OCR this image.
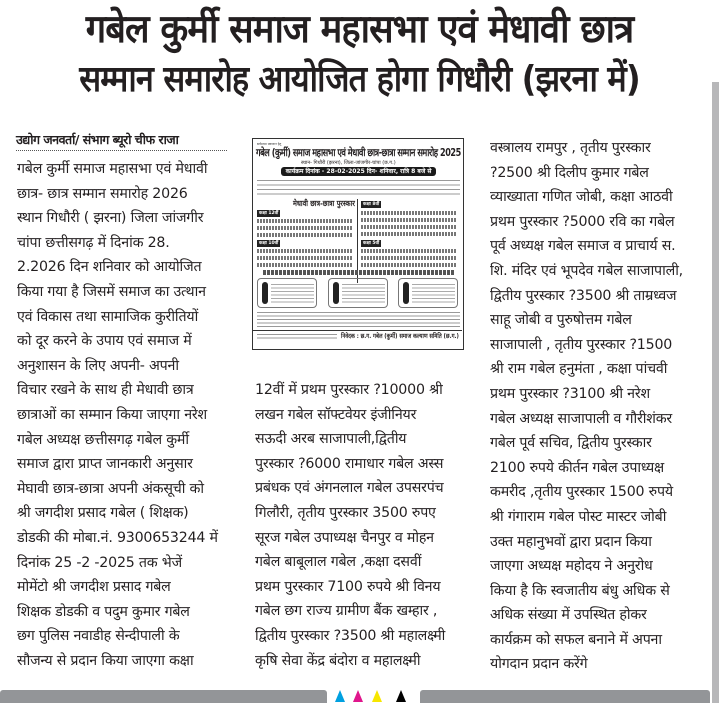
गबेल कुर्मी समाज महासभा एवं मेधावी छात्र
सम्मान समारोह आयोजित होगा गिधौरी (झरना में)
उद्योग जनवर्ता/ संभाग ब्यूरो चीफ राजा
गबेल कुर्मी समाज महासभा एवं मेधावी
छात्र- छात्र सम्मान समारोह 2026
स्थान गिधौरी ( झरना) जिला जांजगीर
चांपा छत्तीसगढ़ में दिनांक 28.
2.2026 दिन शनिवार को आयोजित
किया गया है जिसमें समाज का उत्थान
एवं विकास तथा सामाजिक कुरीतियों
को दूर करने के उपाय एवं समाज में
अनुशासन के लिए अपनी- अपनी
विचार रखने के साथ ही मेधावी छात्र
छात्राओं का सम्मान किया जाएगा नरेश
गबेल अध्यक्ष छत्तीसगढ़ गबेल कुर्मी
समाज द्वारा प्राप्त जानकारी अनुसार
मेघावी छात्र-छात्रा अपनी अंकसूची को
श्री जगदीश प्रसाद गबेल ( शिक्षक)
डोडकी की मोबा.नं. 9300653244 में
दिनांक 25 -2 -2025 तक भेजें
मोमेंटो श्री जगदीश प्रसाद गबेल
शिक्षक डोडकी व पदुम कुमार गबेल
छग पुलिस नवाडीह सेन्दीपाली के
सौजन्य से प्रदान किया जाएगा कक्षा
सर्वप्रथम प्रकाशन हेतु
गबेल (कुर्मी) समाज महासभा एवं मेधावी छात्र-छात्रा सम्मान समारोह 2025
स्थान- गिधौरी (झरना), जिला-जांजगीर-चांपा (छ.ग.)
कार्यक्रम दिनांक - 28-02-2025 दिन- शनिवार, रात्रि 8 बजे से
मेधावी छात्र-छात्रा पुरस्कार
कक्षा 12वीं
कक्षा 10वीं
कक्षा 8वीं
कक्षा 5वीं
निवेदक : छ.ग. गबेल (कुर्मी) समाज कल्याण समिति (छ.ग.)
12वीं में प्रथम पुरस्कार ?10000 श्री
लखन गबेल सॉफ्टवेयर इंजीनियर
सऊदी अरब साजापाली,द्वितीय
पुरस्कार ?6000 रामाधार गबेल अस्स
प्रबंधक एवं अंगनलाल गबेल उपसरपंच
गिलौरी, तृतीय पुरस्कार 3500 रुपए
सूरज गबेल उपाध्यक्ष चैनपुर व मोहन
गबेल बाबूलाल गबेल ,कक्षा दसवीं
प्रथम पुरस्कार 7100 रुपये श्री विनय
गबेल छग राज्य ग्रामीण बैंक खम्हार ,
द्वितीय पुरस्कार ?3500 श्री महालक्ष्मी
कृषि सेवा केंद्र बंदोरा व महालक्ष्मी
वस्त्रालय रामपुर , तृतीय पुरस्कार
?2500 श्री दिलीप कुमार गबेल
व्याख्याता गणित जोबी, कक्षा आठवी
प्रथम पुरस्कार ?5000 रवि का गबेल
पूर्व अध्यक्ष गबेल समाज व प्राचार्य स.
शि. मंदिर एवं भूपदेव गबेल साजापाली,
द्वितीय पुरस्कार ?3500 श्री ताम्रध्वज
साहू जोबी व पुरुषोत्तम गबेल
साजापाली , तृतीय पुरस्कार ?1500
श्री राम गबेल हनुमंता , कक्षा पांचवी
प्रथम पुरस्कार ?3100 श्री नरेश
गबेल अध्यक्ष साजापाली व गौरीशंकर
गबेल पूर्व सचिव, द्वितीय पुरस्कार
2100 रुपये कीर्तन गबेल उपाध्यक्ष
कमरीद ,तृतीय पुरस्कार 1500 रुपये
श्री गंगाराम गबेल पोस्ट मास्टर जोबी
उक्त महानुभवों द्वारा प्रदान किया
जाएगा अध्यक्ष महोदय ने अनुरोध
किया है कि स्वजातीय बंधु अधिक से
अधिक संख्या में उपस्थित होकर
कार्यक्रम को सफल बनाने में अपना
योगदान प्रदान करेंगे
